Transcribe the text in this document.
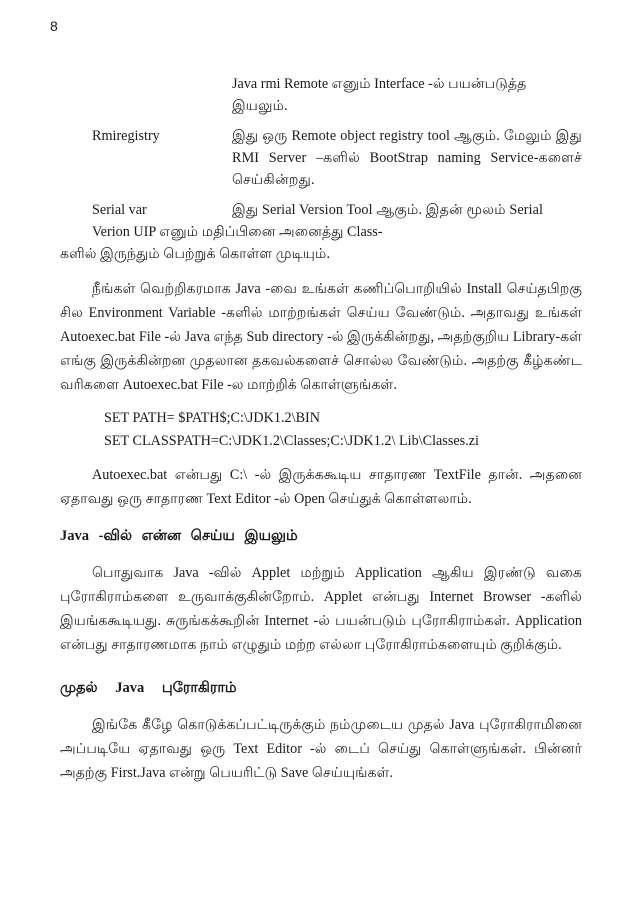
8
Java rmi Remote எனும் Interface -ல் பயன்படுத்த
இயலும்.
Rmiregistry	இது ஒரு Remote object registry tool ஆகும். மேலும் இது RMI Server –களில் BootStrap naming Service-களைச் செய்கின்றது.
Serial var	இது Serial Version Tool ஆகும். இதன் மூலம் Serial
Verion UIP எனும் மதிப்பினை அனைத்து Class-
களில் இருந்தும் பெற்றுக் கொள்ள முடியும்.

நீங்கள் வெற்றிகரமாக Java -வை உங்கள் கணிப்பொறியில் Install செய்தபிறகு சில Environment Variable -களில் மாற்றங்கள் செய்ய வேண்டும். அதாவது உங்கள் Autoexec.bat File -ல் Java எந்த Sub directory -ல் இருக்கின்றது, அதற்குறிய Library-கள் எங்கு இருக்கின்றன முதலான தகவல்களைச் சொல்ல வேண்டும். அதற்கு கீழ்கண்ட வரிகளை Autoexec.bat File -ல மாற்றிக் கொள்ளுங்கள்.

SET PATH= $PATH$;C:\JDK1.2\BIN
SET CLASSPATH=C:\JDK1.2\Classes;C:\JDK1.2\ Lib\Classes.zi

Autoexec.bat என்பது C:\ -ல் இருக்ககூடிய சாதாரண TextFile தான். அதனை ஏதாவது ஒரு சாதாரண Text Editor -ல் Open செய்துக் கொள்ளலாம்.

Java -வில் என்ன செய்ய இயலும்

பொதுவாக Java -வில் Applet மற்றும் Application ஆகிய இரண்டு வகை புரோகிராம்களை உருவாக்குகின்றோம். Applet என்பது Internet Browser -களில் இயங்ககூடியது. சுருங்கக்கூறின் Internet -ல் பயன்படும் புரோகிராம்கள். Application என்பது சாதாரணமாக நாம் எழுதும் மற்ற எல்லா புரோகிராம்களையும் குறிக்கும்.

முதல் Java புரோகிராம்

இங்கே கீழே கொடுக்கப்பட்டிருக்கும் நம்முடைய முதல் Java புரோகிராமினை அப்படியே ஏதாவது ஒரு Text Editor -ல் டைப் செய்து கொள்ளுங்கள். பின்னர் அதற்கு First.Java என்று பெயரிட்டு Save செய்யுங்கள்.
